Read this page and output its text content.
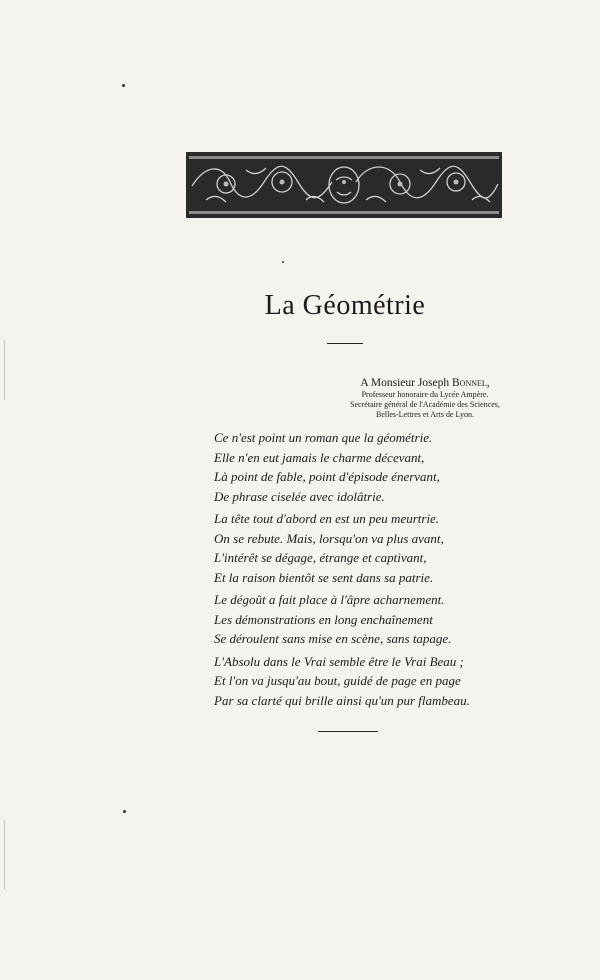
La Géométrie
A Monsieur Joseph Bonnel,
Professeur honoraire du Lycée Ampère.
Secrétaire général de l'Académie des Sciences,
Belles-Lettres et Arts de Lyon.
Ce n'est point un roman que la géométrie.
Elle n'en eut jamais le charme décevant,
Là point de fable, point d'épisode énervant,
De phrase ciselée avec idolâtrie.
La tête tout d'abord en est un peu meurtrie.
On se rebute. Mais, lorsqu'on va plus avant,
L'intérêt se dégage, étrange et captivant,
Et la raison bientôt se sent dans sa patrie.
Le dégoût a fait place à l'âpre acharnement.
Les démonstrations en long enchaînement
Se déroulent sans mise en scène, sans tapage.
L'Absolu dans le Vrai semble être le Vrai Beau ;
Et l'on va jusqu'au bout, guidé de page en page
Par sa clarté qui brille ainsi qu'un pur flambeau.
